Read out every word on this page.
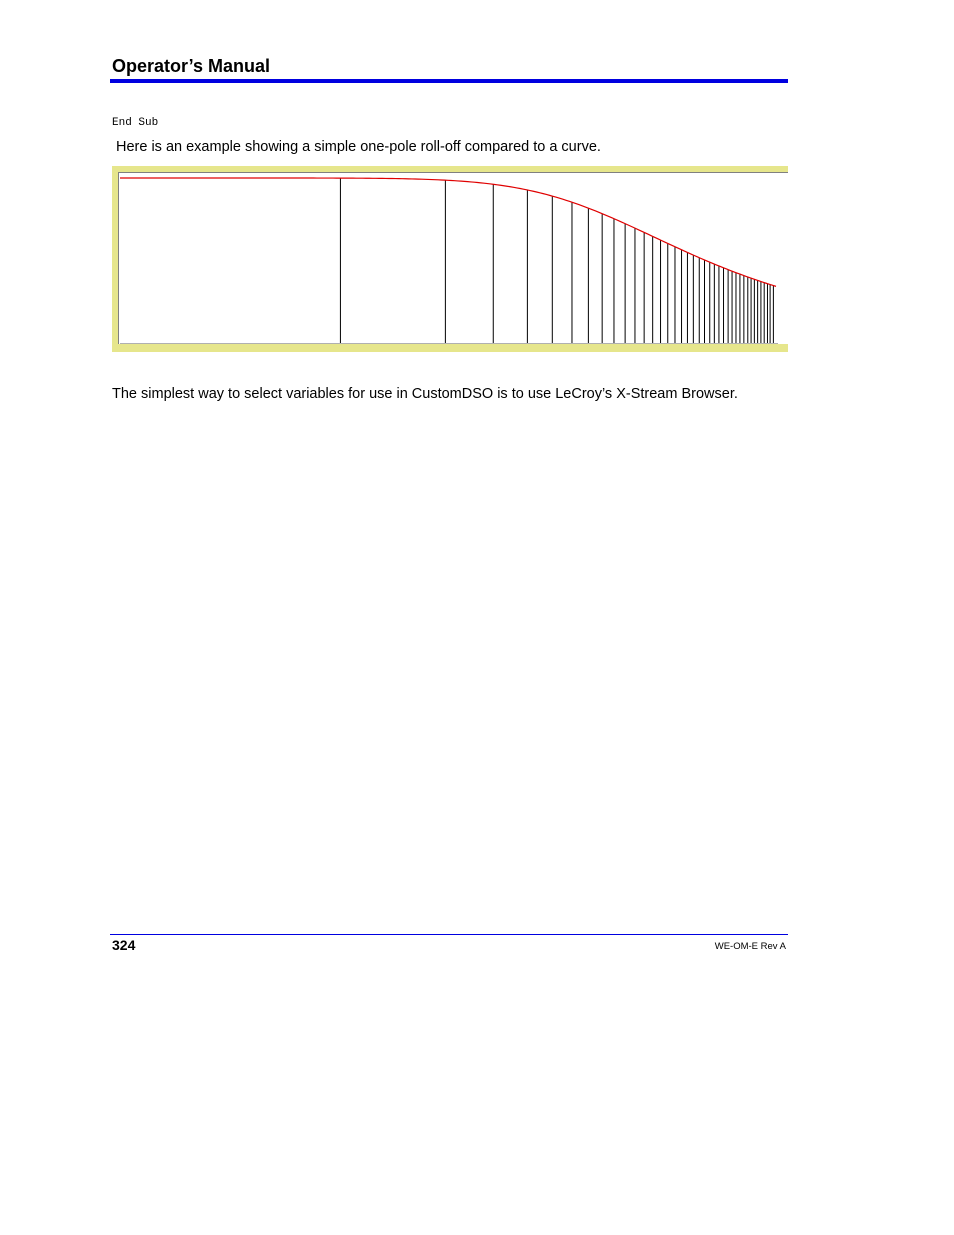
Operator’s Manual
End Sub
Here is an example showing a simple one-pole roll-off compared to a curve.
The simplest way to select variables for use in CustomDSO is to use LeCroy’s X-Stream Browser.
324	WE-OM-E Rev A
